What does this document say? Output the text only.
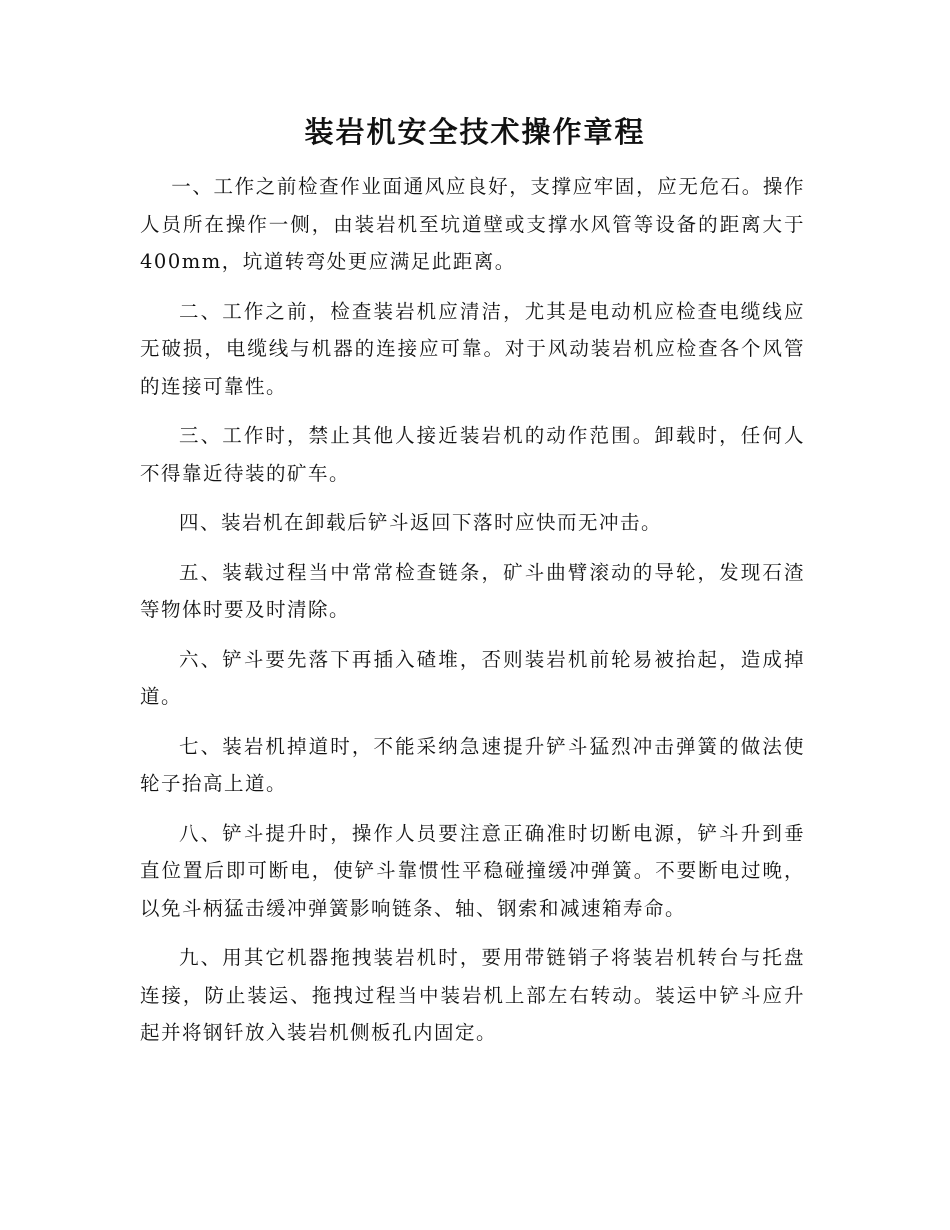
装岩机安全技术操作章程

一、工作之前检查作业面通风应良好，支撑应牢固，应无危石。操作人员所在操作一侧，由装岩机至坑道壁或支撑水风管等设备的距离大于400mm，坑道转弯处更应满足此距离。

二、工作之前，检查装岩机应清洁，尤其是电动机应检查电缆线应无破损，电缆线与机器的连接应可靠。对于风动装岩机应检查各个风管的连接可靠性。

三、工作时，禁止其他人接近装岩机的动作范围。卸载时，任何人不得靠近待装的矿车。

四、装岩机在卸载后铲斗返回下落时应快而无冲击。

五、装载过程当中常常检查链条，矿斗曲臂滚动的导轮，发现石渣等物体时要及时清除。

六、铲斗要先落下再插入碴堆，否则装岩机前轮易被抬起，造成掉道。

七、装岩机掉道时，不能采纳急速提升铲斗猛烈冲击弹簧的做法使轮子抬高上道。

八、铲斗提升时，操作人员要注意正确准时切断电源，铲斗升到垂直位置后即可断电，使铲斗靠惯性平稳碰撞缓冲弹簧。不要断电过晚，以免斗柄猛击缓冲弹簧影响链条、轴、钢索和减速箱寿命。

九、用其它机器拖拽装岩机时，要用带链销子将装岩机转台与托盘连接，防止装运、拖拽过程当中装岩机上部左右转动。装运中铲斗应升起并将钢钎放入装岩机侧板孔内固定。
